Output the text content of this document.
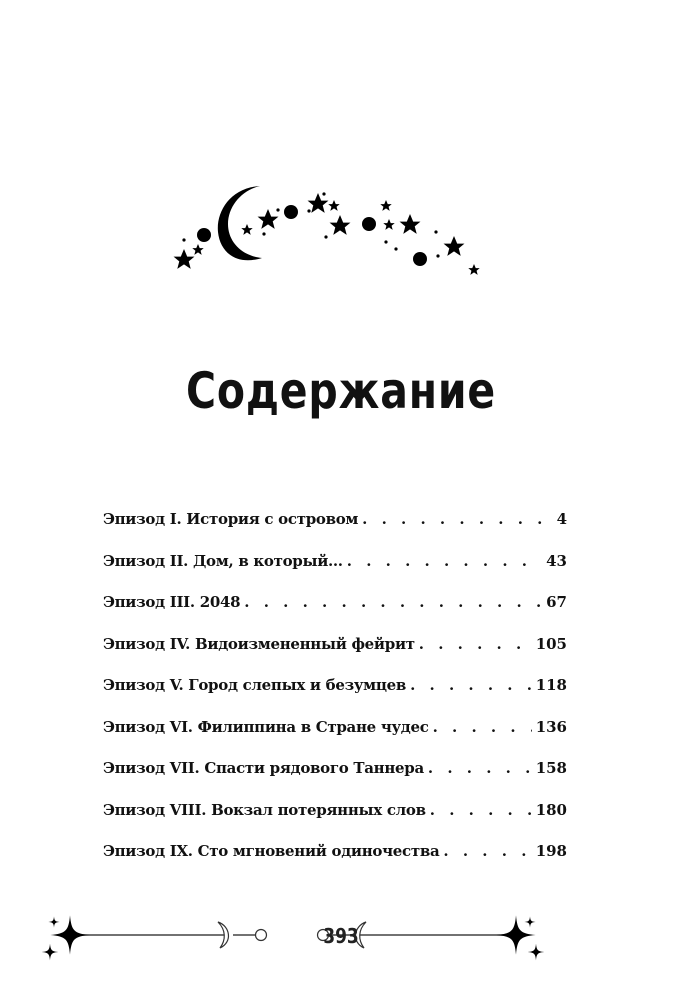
Содержание
Эпизод I. История с островом . . .	4
Эпизод II. Дом, в который… . . .	43
Эпизод III. 2048 . . .	67
Эпизод IV. Видоизмененный фейрит . . .	105
Эпизод V. Город слепых и безумцев . . .	118
Эпизод VI. Филиппина в Стране чудес . . .	136
Эпизод VII. Спасти рядового Таннера . . .	158
Эпизод VIII. Вокзал потерянных слов . . .	180
Эпизод IX. Сто мгновений одиночества . . .	198
393
